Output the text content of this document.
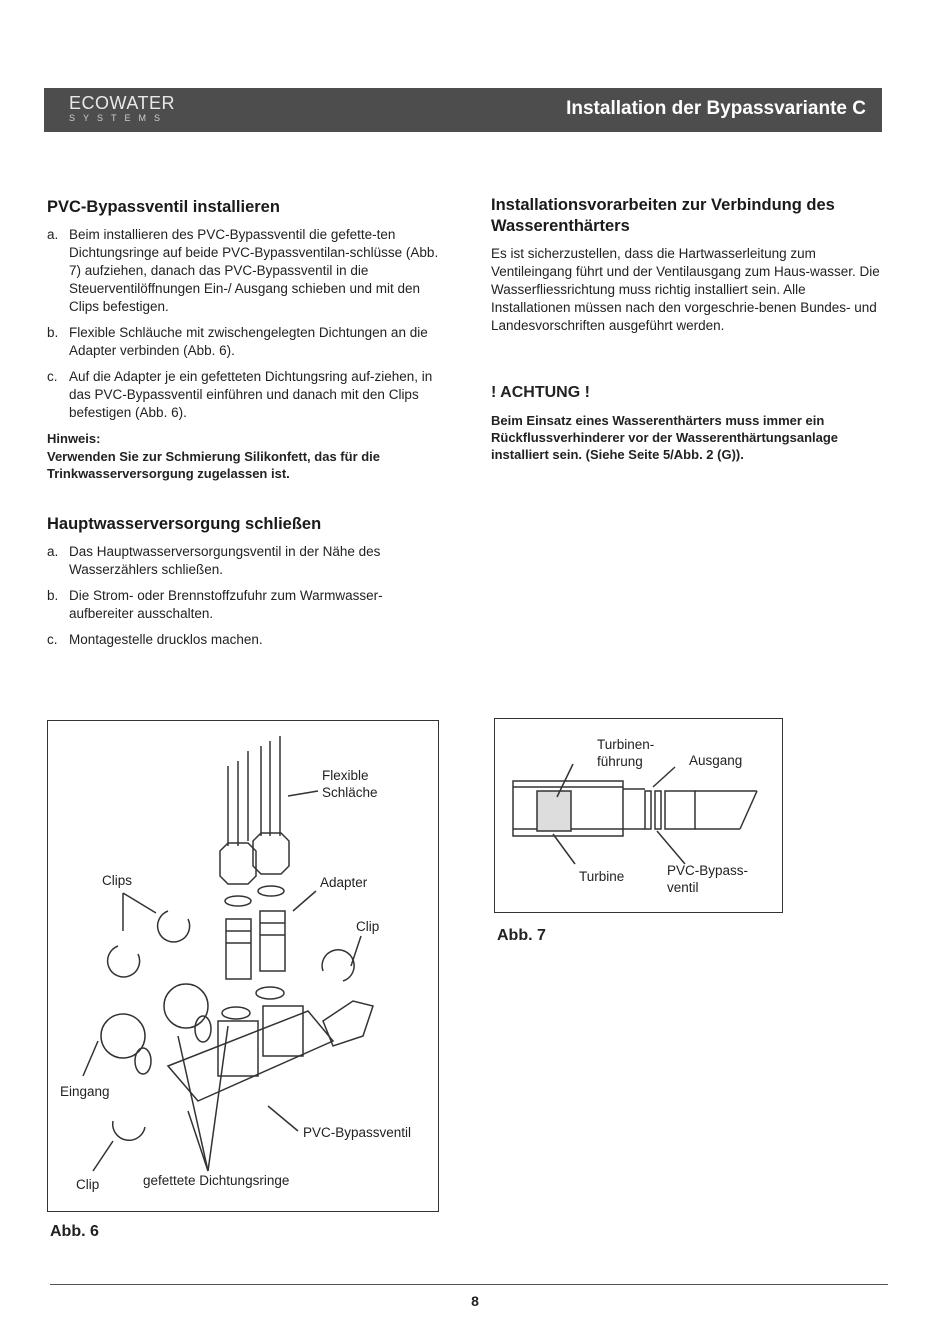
ECOWATER
SYSTEMS	Installation der Bypassvariante C
PVC-Bypassventil installieren
a. Beim installieren des PVC-Bypassventil die gefette-ten Dichtungsringe auf beide PVC-Bypassventilan-schlüsse (Abb. 7) aufziehen, danach das PVC-Bypassventil in die Steuerventilöffnungen Ein-/ Ausgang schieben und mit den Clips befestigen.
b. Flexible Schläuche mit zwischengelegten Dichtungen an die Adapter verbinden (Abb. 6).
c. Auf die Adapter je ein gefetteten Dichtungsring auf-ziehen, in das PVC-Bypassventil einführen und danach mit den Clips befestigen (Abb. 6).
Hinweis:
Verwenden Sie zur Schmierung Silikonfett, das für die Trinkwasserversorgung zugelassen ist.
Hauptwasserversorgung schließen
a. Das Hauptwasserversorgungsventil in der Nähe des Wasserzählers schließen.
b. Die Strom- oder Brennstoffzufuhr zum Warmwasser-aufbereiter ausschalten.
c. Montagestelle drucklos machen.
Installationsvorarbeiten zur Verbindung des Wasserenthärters
Es ist sicherzustellen, dass die Hartwasserleitung zum Ventileingang führt und der Ventilausgang zum Haus-wasser. Die Wasserfliessrichtung muss richtig installiert sein. Alle Installationen müssen nach den vorgeschrie-benen Bundes- und Landesvorschriften ausgeführt werden.
! ACHTUNG !
Beim Einsatz eines Wasserenthärters muss immer ein Rückflussverhinderer vor der Wasserenthärtungsanlage installiert sein. (Siehe Seite 5/Abb. 2 (G)).
Flexible
Schläche
Clips	Adapter
Clip
Eingang
PVC-Bypassventil
Clip	gefettete Dichtungsringe
Abb. 6
Turbinen-
führung	Ausgang
Turbine	PVC-Bypass-
ventil
Abb. 7
8
